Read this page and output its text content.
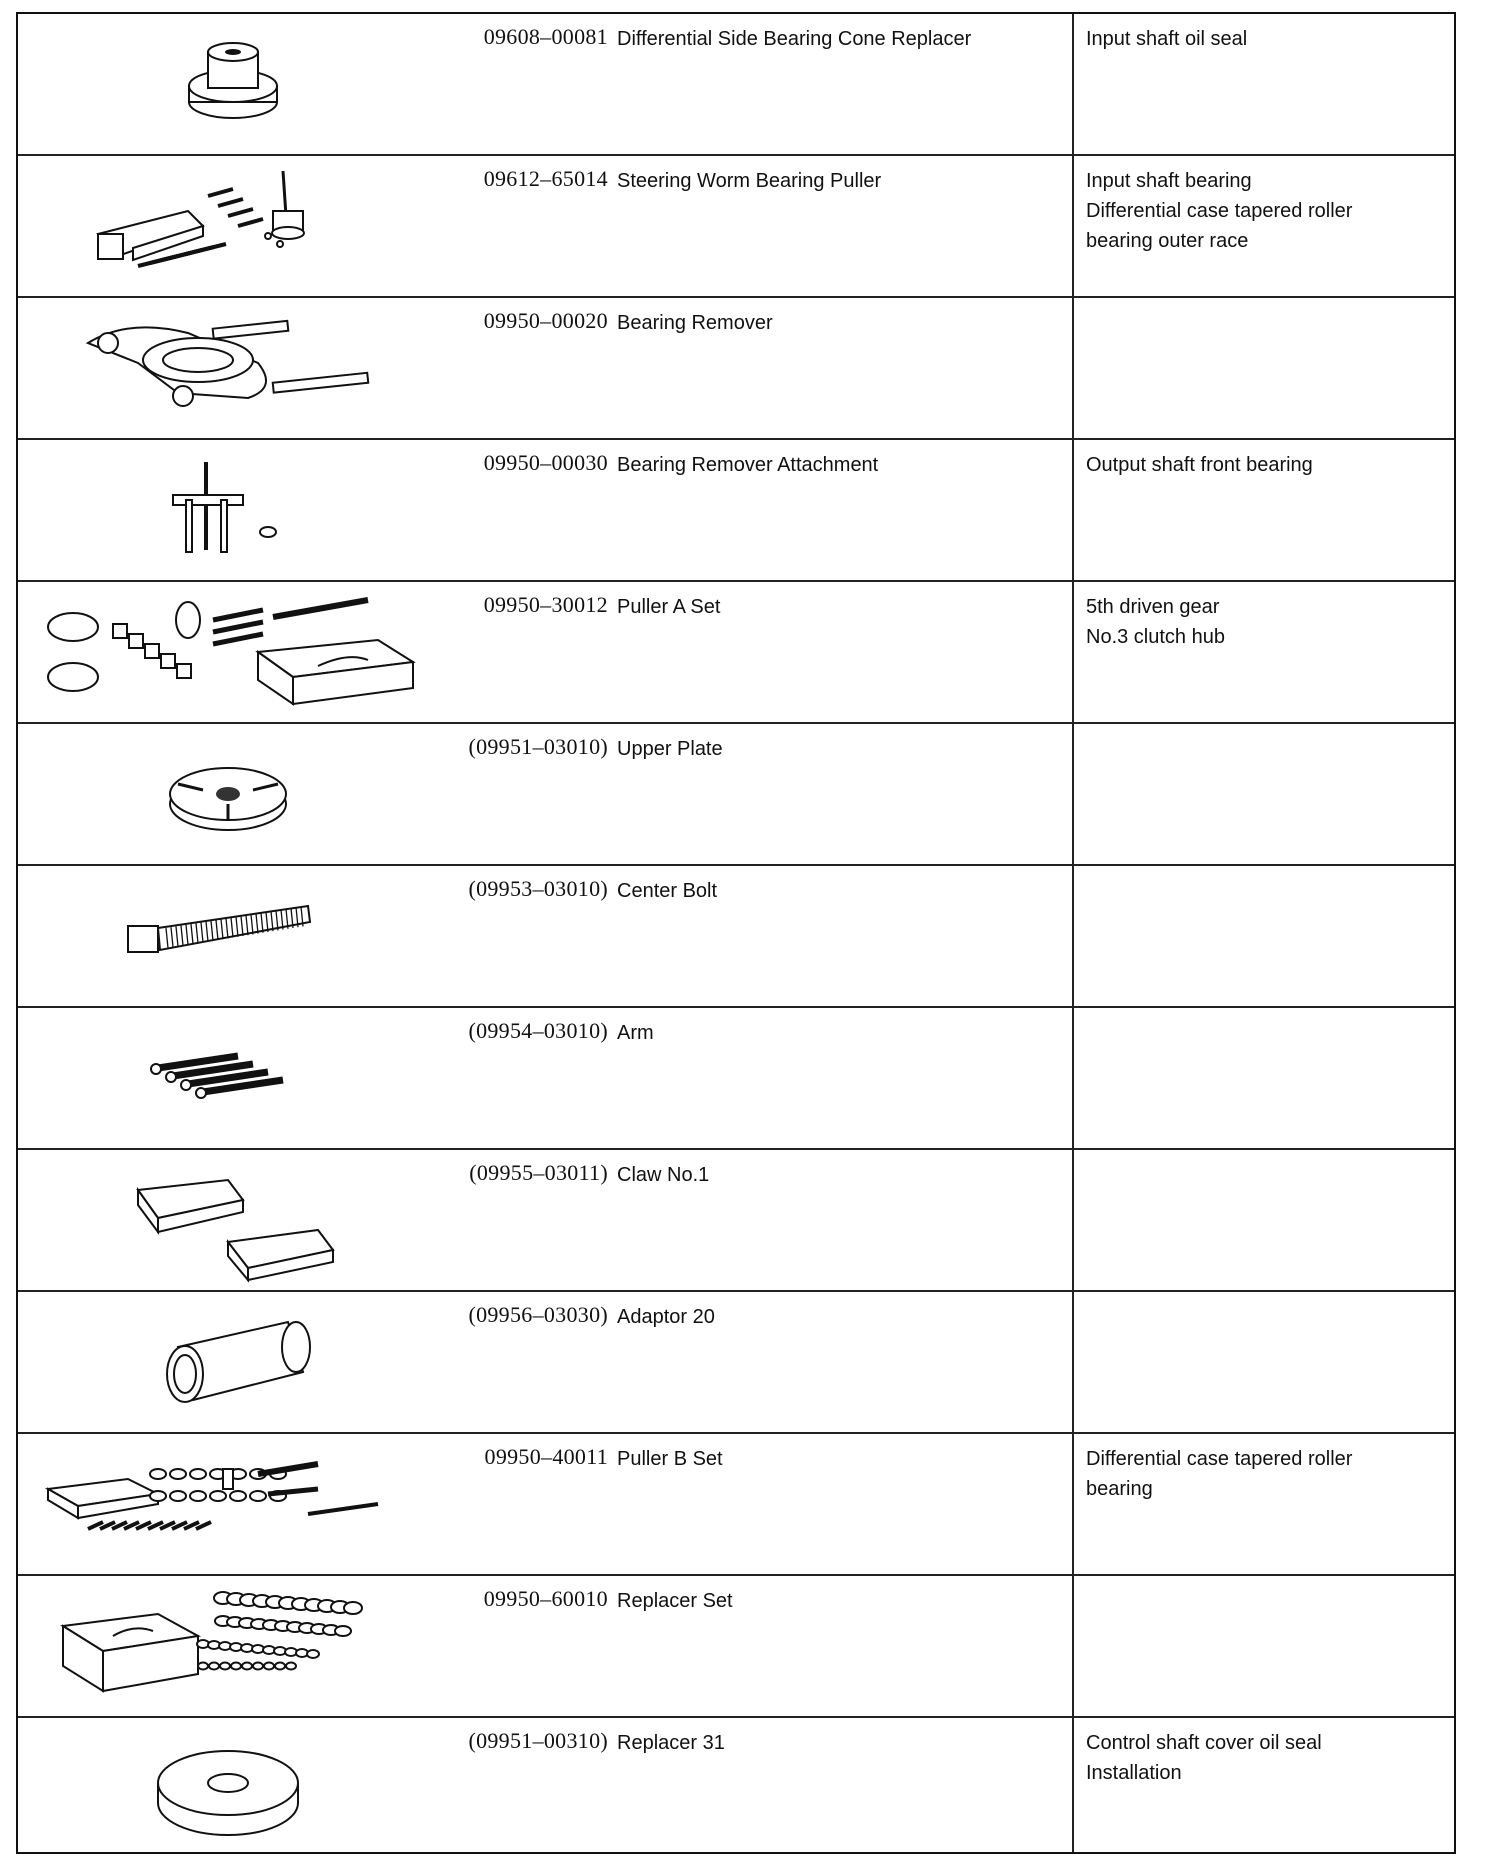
09608–00081 Differential Side Bearing Cone Replacer	Input shaft oil seal
09612–65014 Steering Worm Bearing Puller	Input shaft bearing
Differential case tapered roller
bearing outer race
09950–00020 Bearing Remover
09950–00030 Bearing Remover Attachment	Output shaft front bearing
09950–30012 Puller A Set	5th driven gear
No.3 clutch hub
(09951–03010) Upper Plate
(09953–03010) Center Bolt
(09954–03010) Arm
(09955–03011) Claw No.1
(09956–03030) Adaptor 20
09950–40011 Puller B Set	Differential case tapered roller
bearing
09950–60010 Replacer Set
(09951–00310) Replacer 31	Control shaft cover oil seal
Installation
